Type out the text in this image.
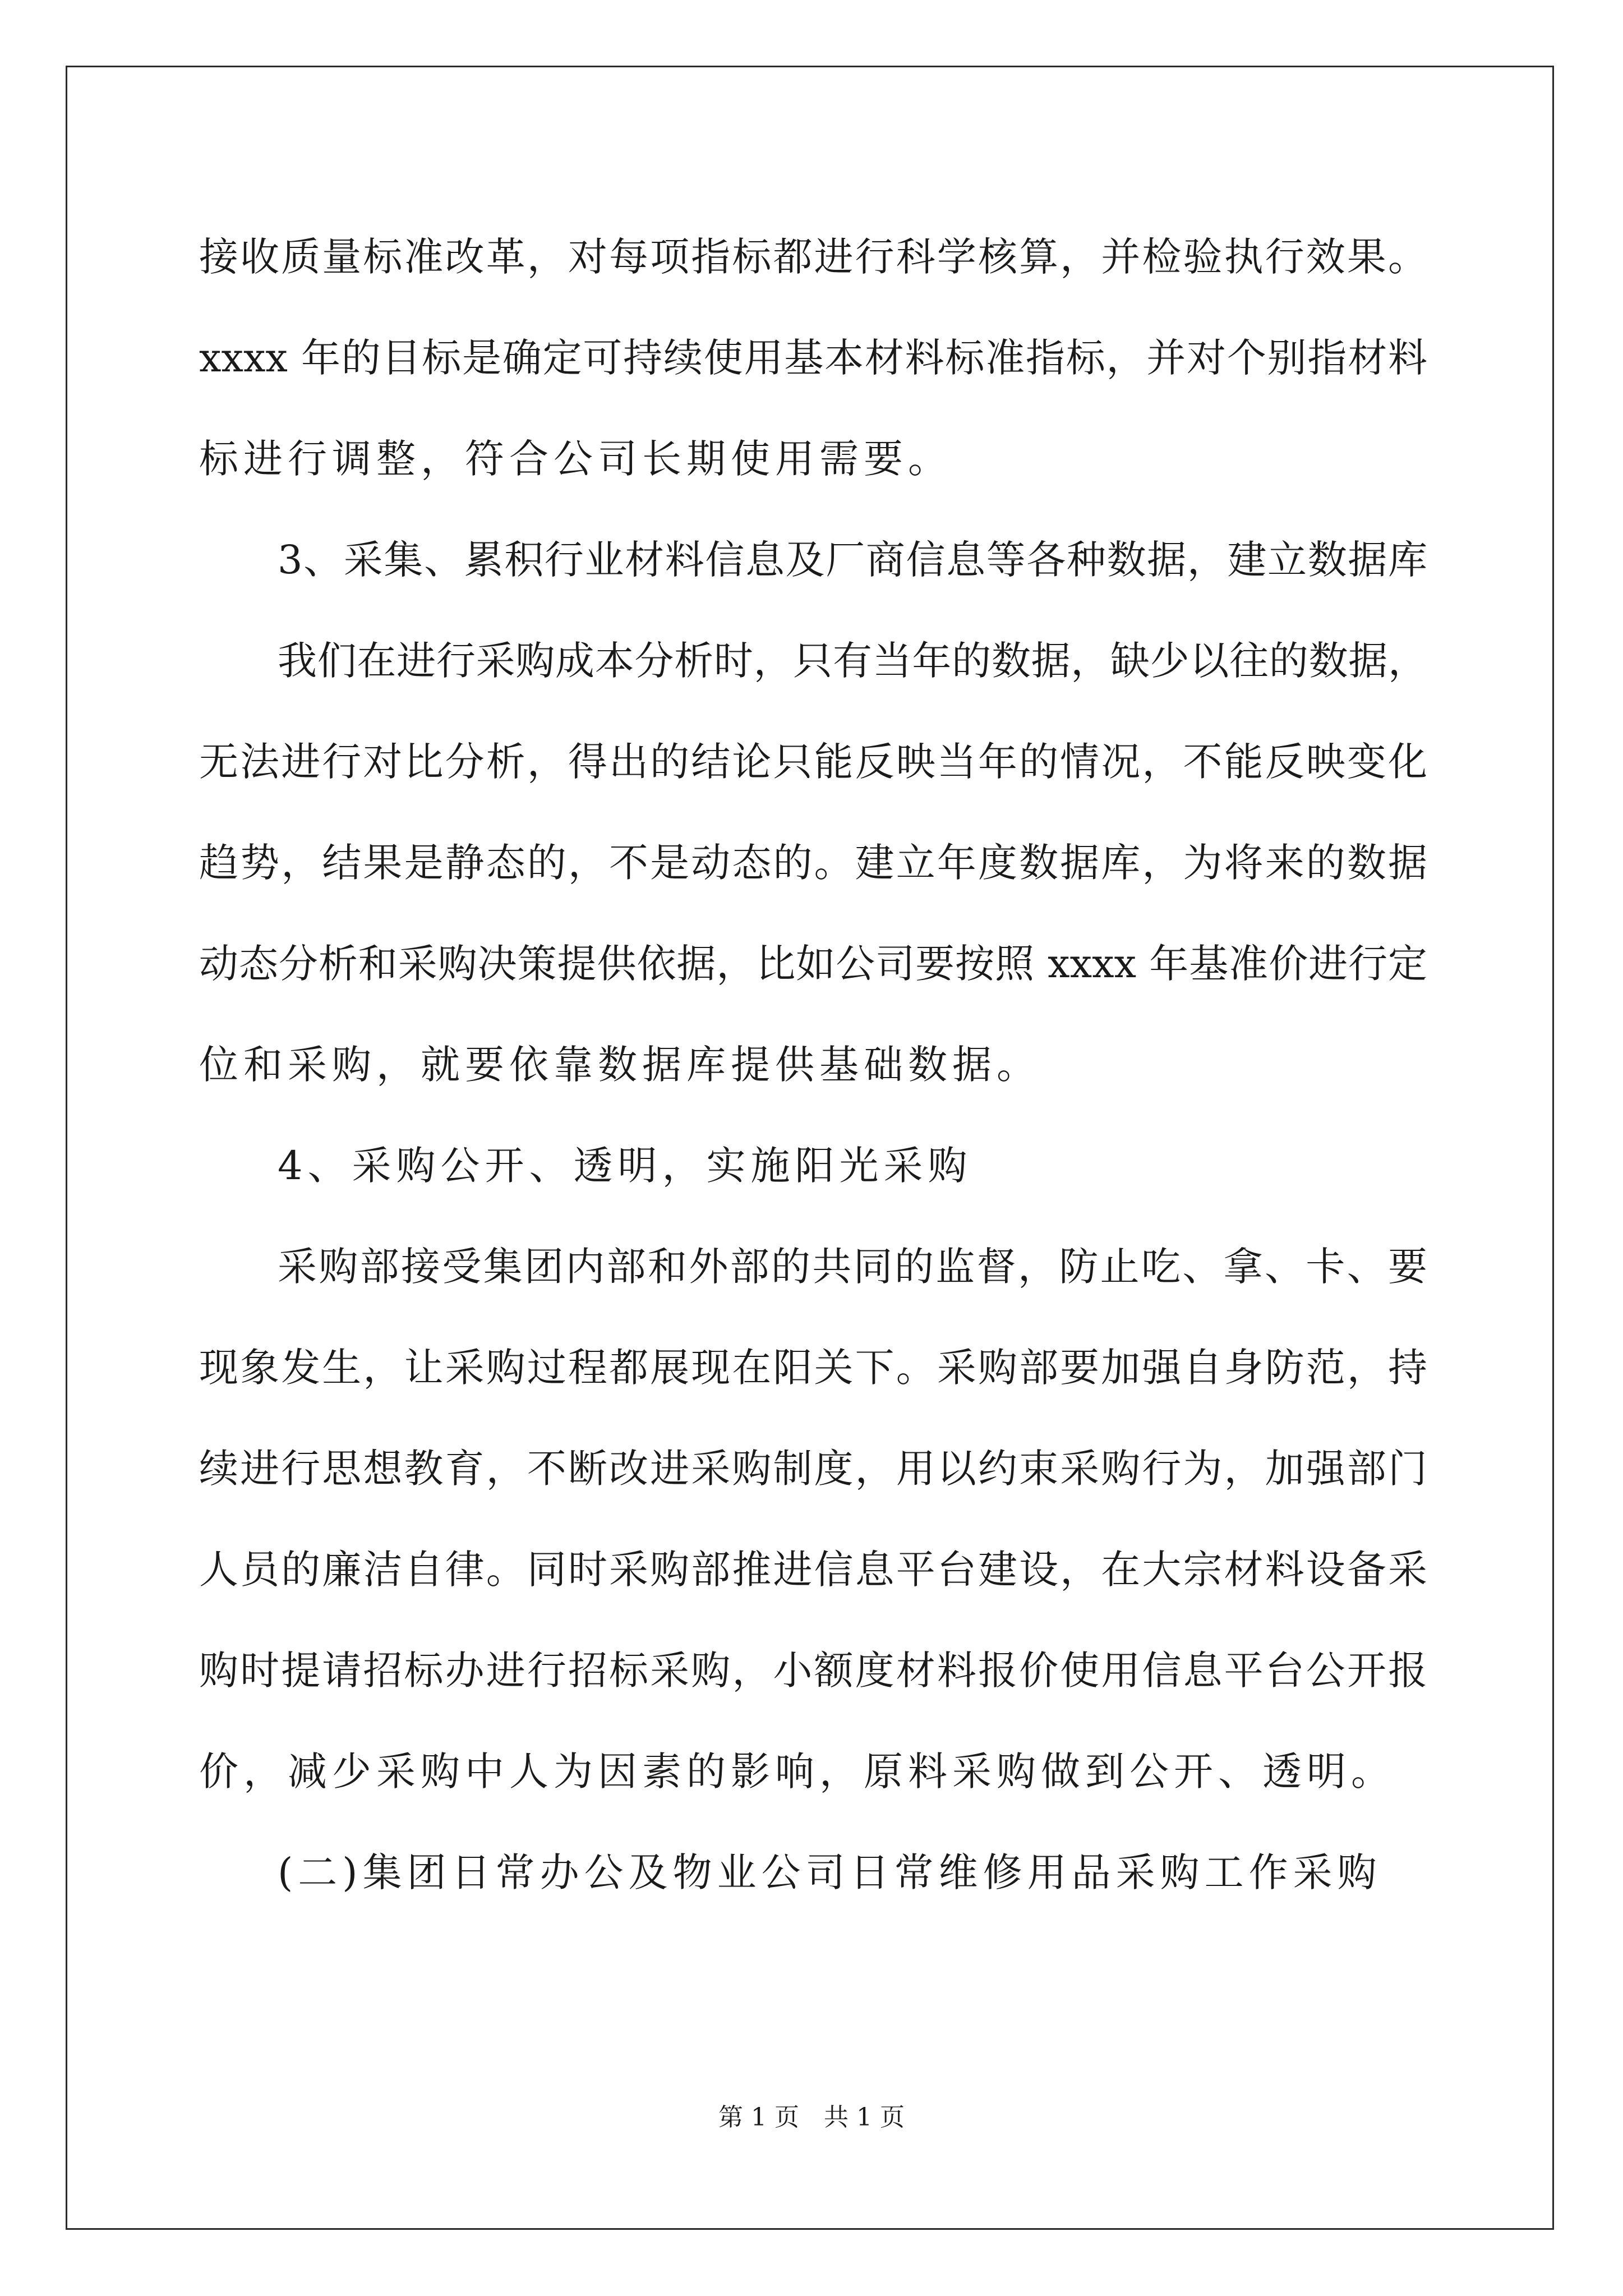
接收质量标准改革，对每项指标都进行科学核算，并检验执行效果。
xxxx 年的目标是确定可持续使用基本材料标准指标，并对个别指材料
标进行调整，符合公司长期使用需要。
3、采集、累积行业材料信息及厂商信息等各种数据，建立数据库
我们在进行采购成本分析时，只有当年的数据，缺少以往的数据，
无法进行对比分析，得出的结论只能反映当年的情况，不能反映变化
趋势，结果是静态的，不是动态的。建立年度数据库，为将来的数据
动态分析和采购决策提供依据，比如公司要按照 xxxx 年基准价进行定
位和采购，就要依靠数据库提供基础数据。
4、采购公开、透明，实施阳光采购
采购部接受集团内部和外部的共同的监督，防止吃、拿、卡、要
现象发生，让采购过程都展现在阳关下。采购部要加强自身防范，持
续进行思想教育，不断改进采购制度，用以约束采购行为，加强部门
人员的廉洁自律。同时采购部推进信息平台建设，在大宗材料设备采
购时提请招标办进行招标采购，小额度材料报价使用信息平台公开报
价，减少采购中人为因素的影响，原料采购做到公开、透明。
(二)集团日常办公及物业公司日常维修用品采购工作采购
第 1 页　共 1 页
